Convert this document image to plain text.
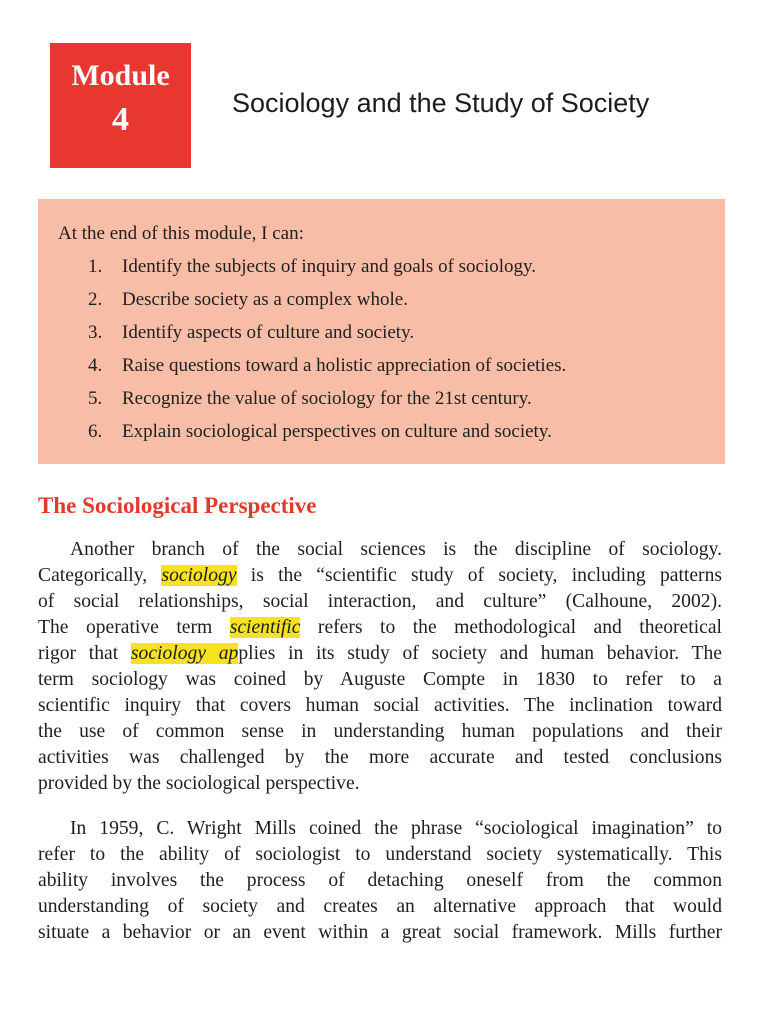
Module
4	Sociology and the Study of Society
At the end of this module, I can:
1. Identify the subjects of inquiry and goals of sociology.
2. Describe society as a complex whole.
3. Identify aspects of culture and society.
4. Raise questions toward a holistic appreciation of societies.
5. Recognize the value of sociology for the 21st century.
6. Explain sociological perspectives on culture and society.
The Sociological Perspective
Another branch of the social sciences is the discipline of sociology.
Categorically, sociology is the “scientific study of society, including patterns
of social relationships, social interaction, and culture” (Calhoune, 2002).
The operative term scientific refers to the methodological and theoretical
rigor that sociology applies in its study of society and human behavior. The
term sociology was coined by Auguste Compte in 1830 to refer to a
scientific inquiry that covers human social activities. The inclination toward
the use of common sense in understanding human populations and their
activities was challenged by the more accurate and tested conclusions
provided by the sociological perspective.
In 1959, C. Wright Mills coined the phrase “sociological imagination” to
refer to the ability of sociologist to understand society systematically. This
ability involves the process of detaching oneself from the common
understanding of society and creates an alternative approach that would
situate a behavior or an event within a great social framework. Mills further
